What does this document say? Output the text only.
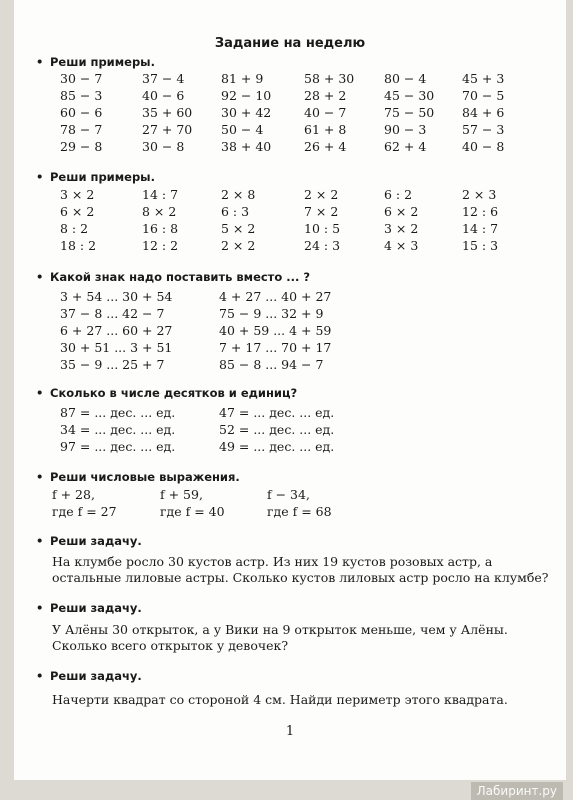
Задание на неделю
• Реши примеры.
30 − 7
85 − 3
60 − 6
78 − 7
29 − 8
37 − 4
40 − 6
35 + 60
27 + 70
30 − 8
81 + 9
92 − 10
30 + 42
50 − 4
38 + 40
58 + 30
28 + 2
40 − 7
61 + 8
26 + 4
80 − 4
45 − 30
75 − 50
90 − 3
62 + 4
45 + 3
70 − 5
84 + 6
57 − 3
40 − 8
• Реши примеры.
3 × 2
6 × 2
8 : 2
18 : 2
14 : 7
8 × 2
16 : 8
12 : 2
2 × 8
6 : 3
5 × 2
2 × 2
2 × 2
7 × 2
10 : 5
24 : 3
6 : 2
6 × 2
3 × 2
4 × 3
2 × 3
12 : 6
14 : 7
15 : 3
• Какой знак надо поставить вместо ... ?
3 + 54 ... 30 + 54
37 − 8 ... 42 − 7
6 + 27 ... 60 + 27
30 + 51 ... 3 + 51
35 − 9 ... 25 + 7
4 + 27 ... 40 + 27
75 − 9 ... 32 + 9
40 + 59 ... 4 + 59
7 + 17 ... 70 + 17
85 − 8 ... 94 − 7
• Сколько в числе десятков и единиц?
87 = ... дес. ... ед.
34 = ... дес. ... ед.
97 = ... дес. ... ед.
47 = ... дес. ... ед.
52 = ... дес. ... ед.
49 = ... дес. ... ед.
• Реши числовые выражения.
f + 28,
где f = 27
f + 59,
где f = 40
f − 34,
где f = 68
• Реши задачу.
На клумбе росло 30 кустов астр. Из них 19 кустов розовых астр, а остальные лиловые астры. Сколько кустов лиловых астр росло на клумбе?
• Реши задачу.
У Алёны 30 открыток, а у Вики на 9 открыток меньше, чем у Алёны. Сколько всего открыток у девочек?
• Реши задачу.
Начерти квадрат со стороной 4 см. Найди периметр этого квадрата.
1
Лабиринт.ру
